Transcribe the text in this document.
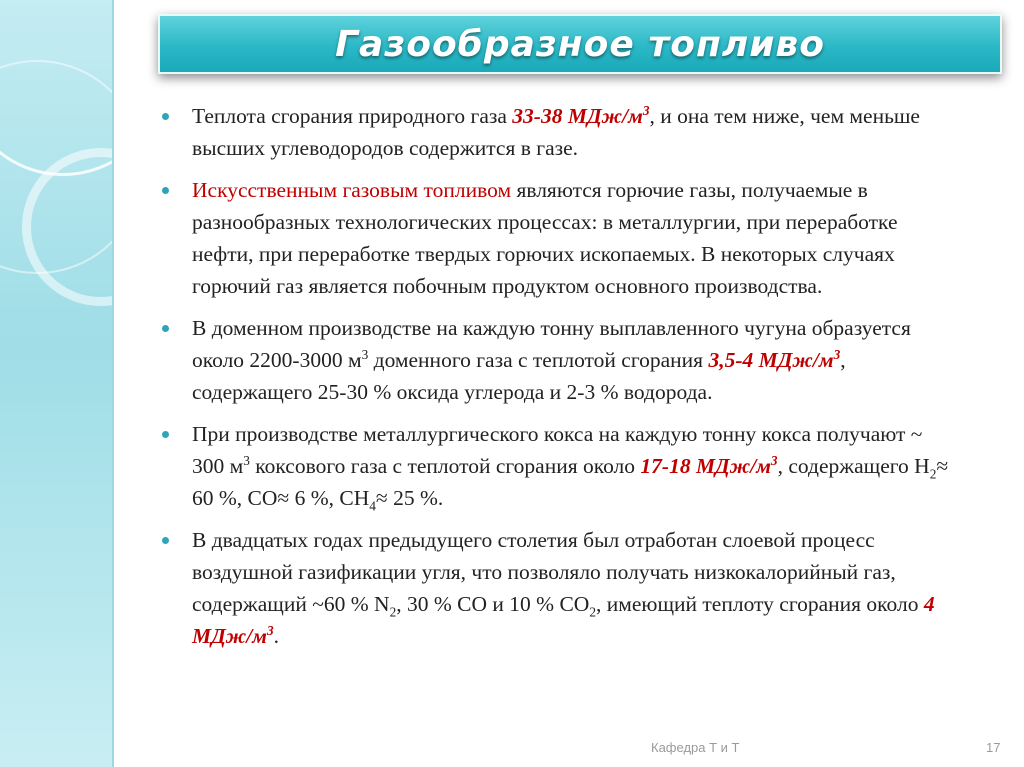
Газообразное топливо
Теплота сгорания природного газа 33-38 МДж/$м^3$, и она тем ниже, чем меньше высших углеводородов содержится в газе.
Искусственным газовым топливом являются горючие газы, получаемые в разнообразных технологических процессах: в металлургии, при переработке нефти, при переработке твердых горючих ископаемых. В некоторых случаях горючий газ является побочным продуктом основного производства.
В доменном производстве на каждую тонну выплавленного чугуна образуется около 2200-3000 $м^3$ доменного газа с теплотой сгорания 3,5-4 МДж/$м^3$, содержащего 25-30 % оксида углерода и 2-3 % водорода.
При производстве металлургического кокса на каждую тонну кокса получают ~ 300 $м^3$ коксового газа с теплотой сгорания около 17-18 МДж/$м^3$, содержащего $H_2\approx 60$ %, CO≈ 6 %, $CH_4\approx 25$ %.
В двадцатых годах предыдущего столетия был отработан слоевой процесс воздушной газификации угля, что позволяло получать низкокалорийный газ, содержащий ~60 % $N_2$, 30 % CO и 10 % $CO_2$, имеющий теплоту сгорания около 4 МДж/$м^3$.
Кафедра Т и Т	17
